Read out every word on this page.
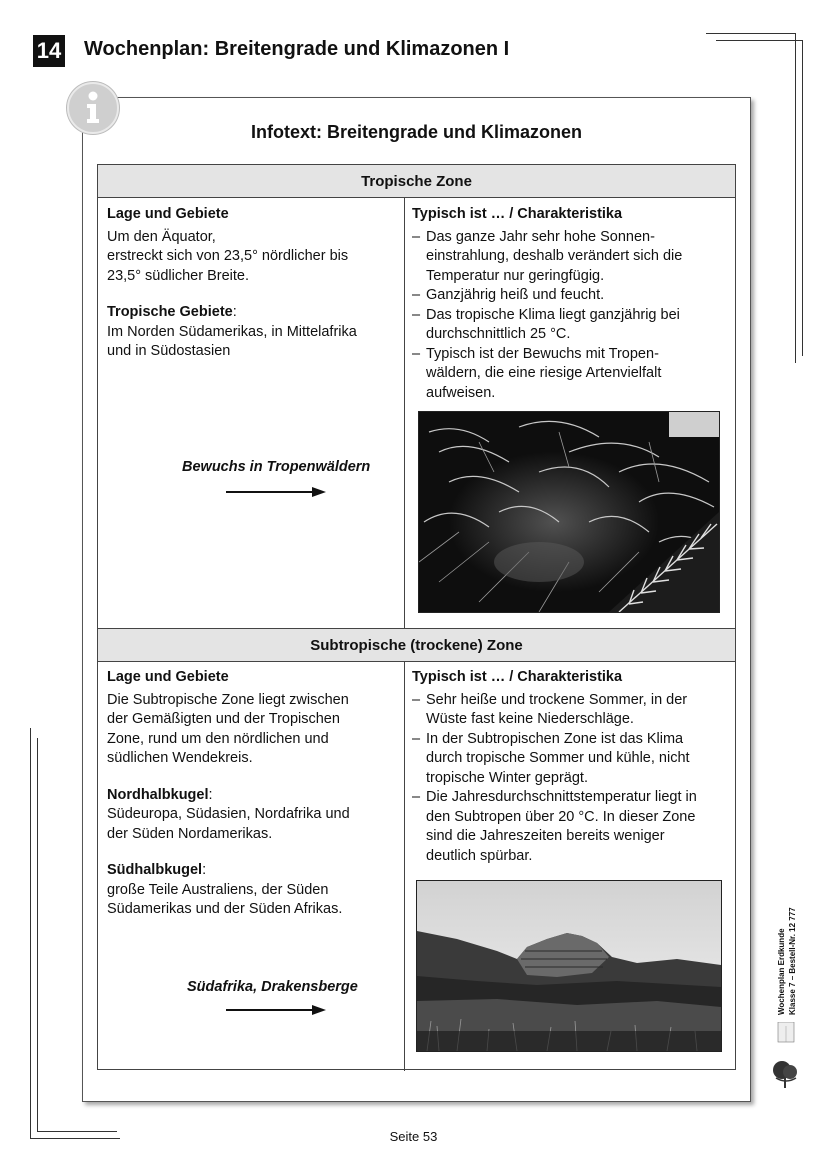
14 Wochenplan: Breitengrade und Klimazonen I
Infotext: Breitengrade und Klimazonen
Tropische Zone
Subtropische (trockene) Zone

Lage und Gebiete

Um den Äquator,

erstreckt sich von 23,5° nördlicher bis

23,5° südlicher Breite.

Tropische Gebiete:

Im Norden Südamerikas, in Mittelafrika

und in Südostasien

Typisch ist … / Charakteristika

– Das ganze Jahr sehr hohe Sonnen-
einstrahlung, deshalb verändert sich die
Temperatur nur geringfügig.
– Ganzjährig heiß und feucht.
– Das tropische Klima liegt ganzjährig bei
durchschnittlich 25 °C.
– Typisch ist der Bewuchs mit Tropen-
wäldern, die eine riesige Artenvielfalt
aufweisen.
Bewuchs in Tropenwäldern

Lage und Gebiete

Die Subtropische Zone liegt zwischen

der Gemäßigten und der Tropischen

Zone, rund um den nördlichen und

südlichen Wendekreis.

Nordhalbkugel:

Südeuropa, Südasien, Nordafrika und

der Süden Nordamerikas.

Südhalbkugel:

große Teile Australiens, der Süden

Südamerikas und der Süden Afrikas.

Typisch ist … / Charakteristika

– Sehr heiße und trockene Sommer, in der
Wüste fast keine Niederschläge.
– In der Subtropischen Zone ist das Klima
durch tropische Sommer und kühle, nicht
tropische Winter geprägt.
– Die Jahresdurchschnittstemperatur liegt in
den Subtropen über 20 °C. In dieser Zone
sind die Jahreszeiten bereits weniger
deutlich spürbar.
Südafrika, Drakensberge	Wochenplan Erdkunde Klasse 7 – Bestell-Nr. 12 777
Seite 53
